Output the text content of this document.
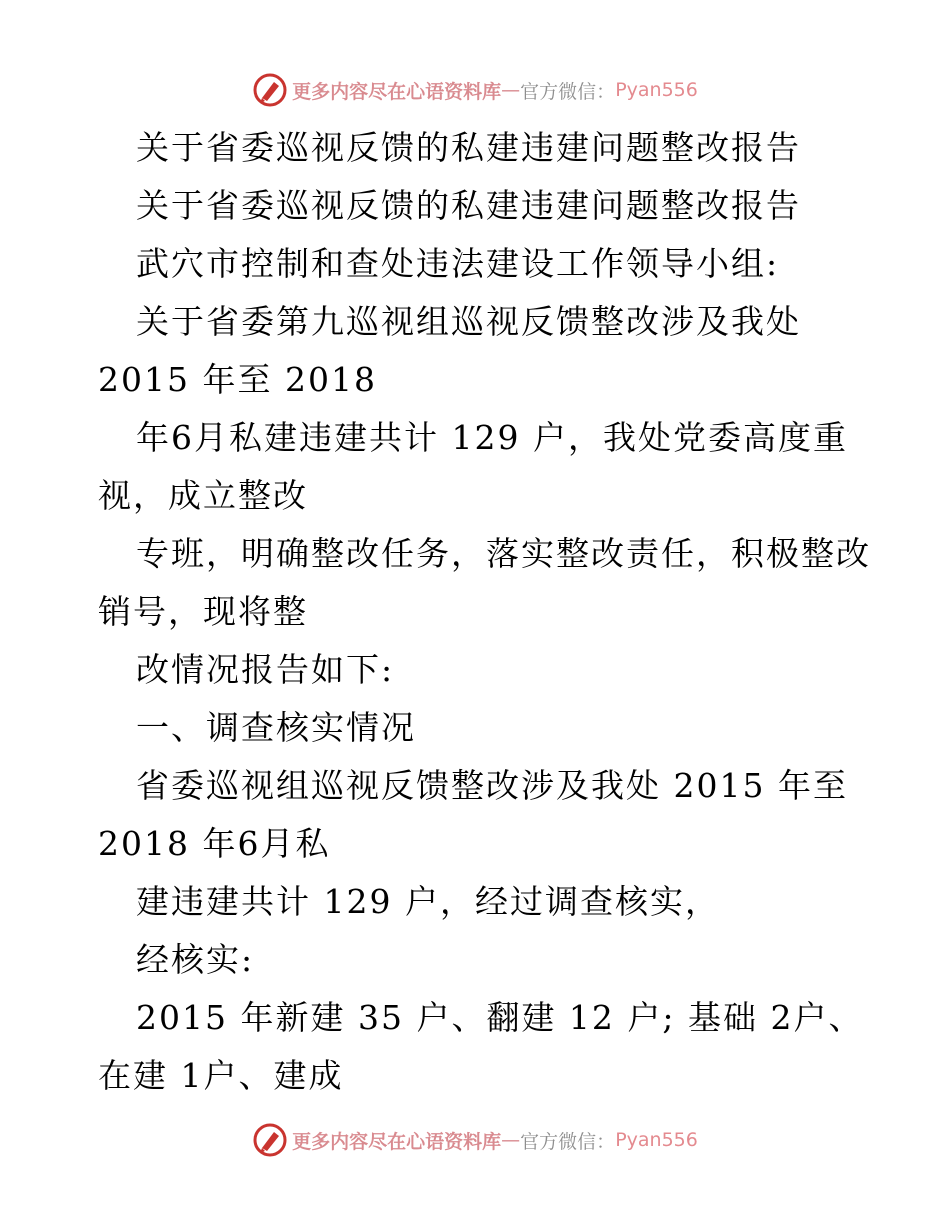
更多内容尽在心语资料库 — 官方微信： Pyan556
关于省委巡视反馈的私建违建问题整改报告
关于省委巡视反馈的私建违建问题整改报告
武穴市控制和查处违法建设工作领导小组:
关于省委第九巡视组巡视反馈整改涉及我处
2015 年至 2018
年6月私建违建共计 129 户，我处党委高度重
视，成立整改
专班，明确整改任务，落实整改责任，积极整改
销号，现将整
改情况报告如下:
一、调查核实情况
省委巡视组巡视反馈整改涉及我处 2015 年至
2018 年6月私
建违建共计 129 户，经过调查核实，
经核实:
2015 年新建 35 户、翻建 12 户; 基础 2户、
在建 1户、建成
更多内容尽在心语资料库 — 官方微信： Pyan556
